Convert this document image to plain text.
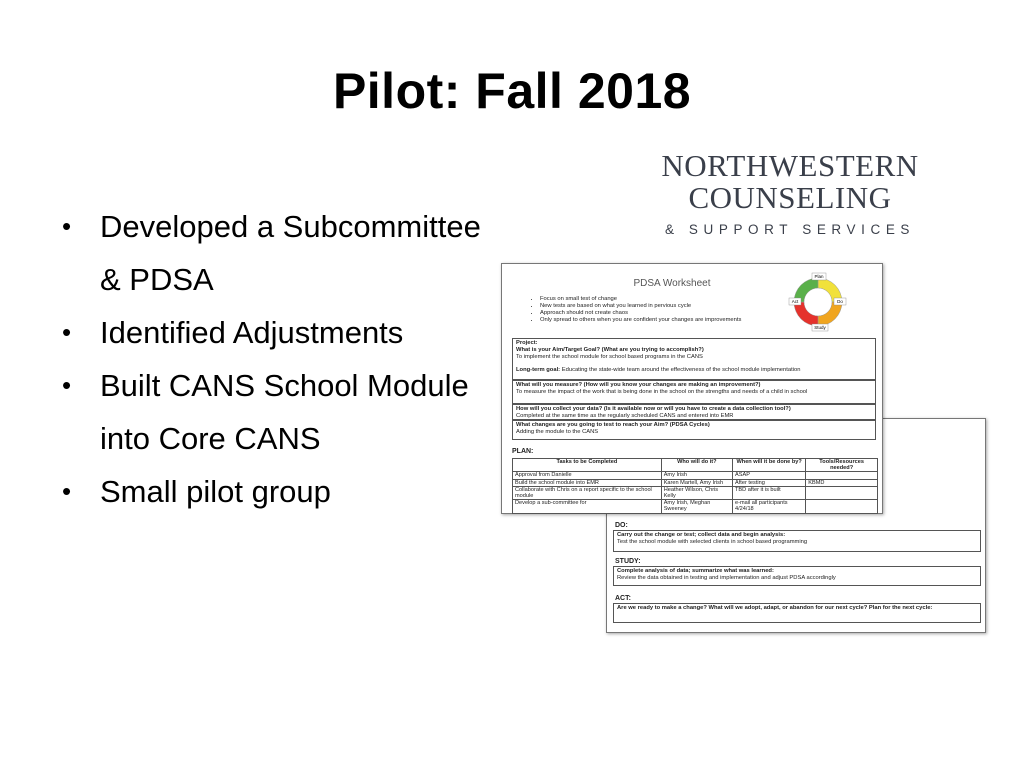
Pilot: Fall 2018
• Developed a Subcommittee & PDSA
• Identified Adjustments
• Built CANS School Module into Core CANS
• Small pilot group
NORTHWESTERN
COUNSELING
& SUPPORT SERVICES
DO:
Carry out the change or test; collect data and begin analysis:
Test the school module with selected clients in school based programming
STUDY:
Complete analysis of data; summarize what was learned:
Review the data obtained in testing and implementation and adjust PDSA accordingly
ACT:
Are we ready to make a change? What will we adopt, adapt, or abandon for our next cycle? Plan for the next cycle:
PDSA Worksheet
• Focus on small test of change
• New tests are based on what you learned in pervious cycle
• Approach should not create chaos
• Only spread to others when you are confident your changes are improvements
Plan
Do
Study
Act
Project:
What is your Aim/Target Goal? (What are you trying to accomplish?)
To implement the school module for school based programs in the CANS
Long-term goal: Educating the state-wide team around the effectiveness of the school module implementation
What will you measure? (How will you know your changes are making an improvement?)
To measure the impact of the work that is being done in the school on the strengths and needs of a child in school
How will you collect your data? (Is it available now or will you have to create a data collection tool?)
Completed at the same time as the regularly scheduled CANS and entered into EMR
What changes are you going to test to reach your Aim? (PDSA Cycles)
Adding the module to the CANS
PLAN:
Tasks to be Completed	Who will do it?	When will it be done by?	Tools/Resources needed?
Approval from Danielle	Amy Irish	ASAP	
Build the school module into EMR	Karen Martell, Amy Irish	After testing	KBMD
Collaborate with Chris on a report specific to the school module	Heather Wilson, Chris Kelly	TBD after it is built	
Develop a sub-committee for	Amy Irish, Meghan Sweeney	e-mail all participants 4/24/18	
